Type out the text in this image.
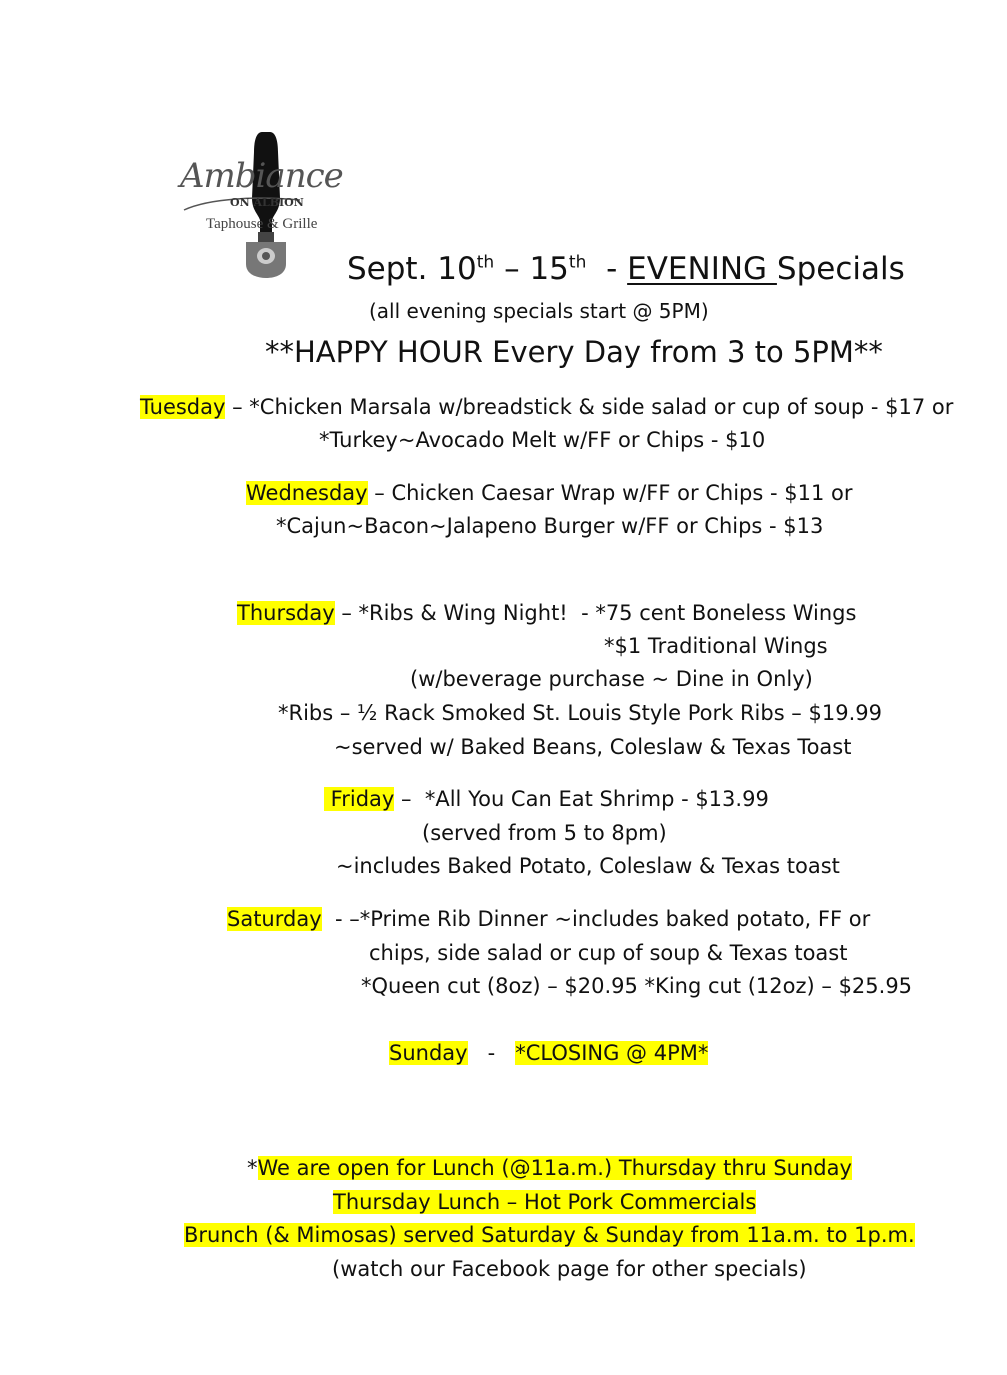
Ambiance
ON ALBION
Taphouse & Grille
Sept. 10th – 15th  - EVENING Specials
(all evening specials start @ 5PM)
**HAPPY HOUR Every Day from 3 to 5PM**
Tuesday – *Chicken Marsala w/breadstick & side salad or cup of soup - $17 or
*Turkey~Avocado Melt w/FF or Chips - $10
Wednesday – Chicken Caesar Wrap w/FF or Chips - $11 or
*Cajun~Bacon~Jalapeno Burger w/FF or Chips - $13
Thursday – *Ribs & Wing Night!  - *75 cent Boneless Wings
*$1 Traditional Wings
(w/beverage purchase ~ Dine in Only)
*Ribs – ½ Rack Smoked St. Louis Style Pork Ribs – $19.99
~served w/ Baked Beans, Coleslaw & Texas Toast
Friday –  *All You Can Eat Shrimp - $13.99
(served from 5 to 8pm)
~includes Baked Potato, Coleslaw & Texas toast
Saturday  - –*Prime Rib Dinner ~includes baked potato, FF or
chips, side salad or cup of soup & Texas toast
*Queen cut (8oz) – $20.95 *King cut (12oz) – $25.95
Sunday   -   *CLOSING @ 4PM*
*We are open for Lunch (@11a.m.) Thursday thru Sunday
Thursday Lunch – Hot Pork Commercials
Brunch (& Mimosas) served Saturday & Sunday from 11a.m. to 1p.m.
(watch our Facebook page for other specials)
